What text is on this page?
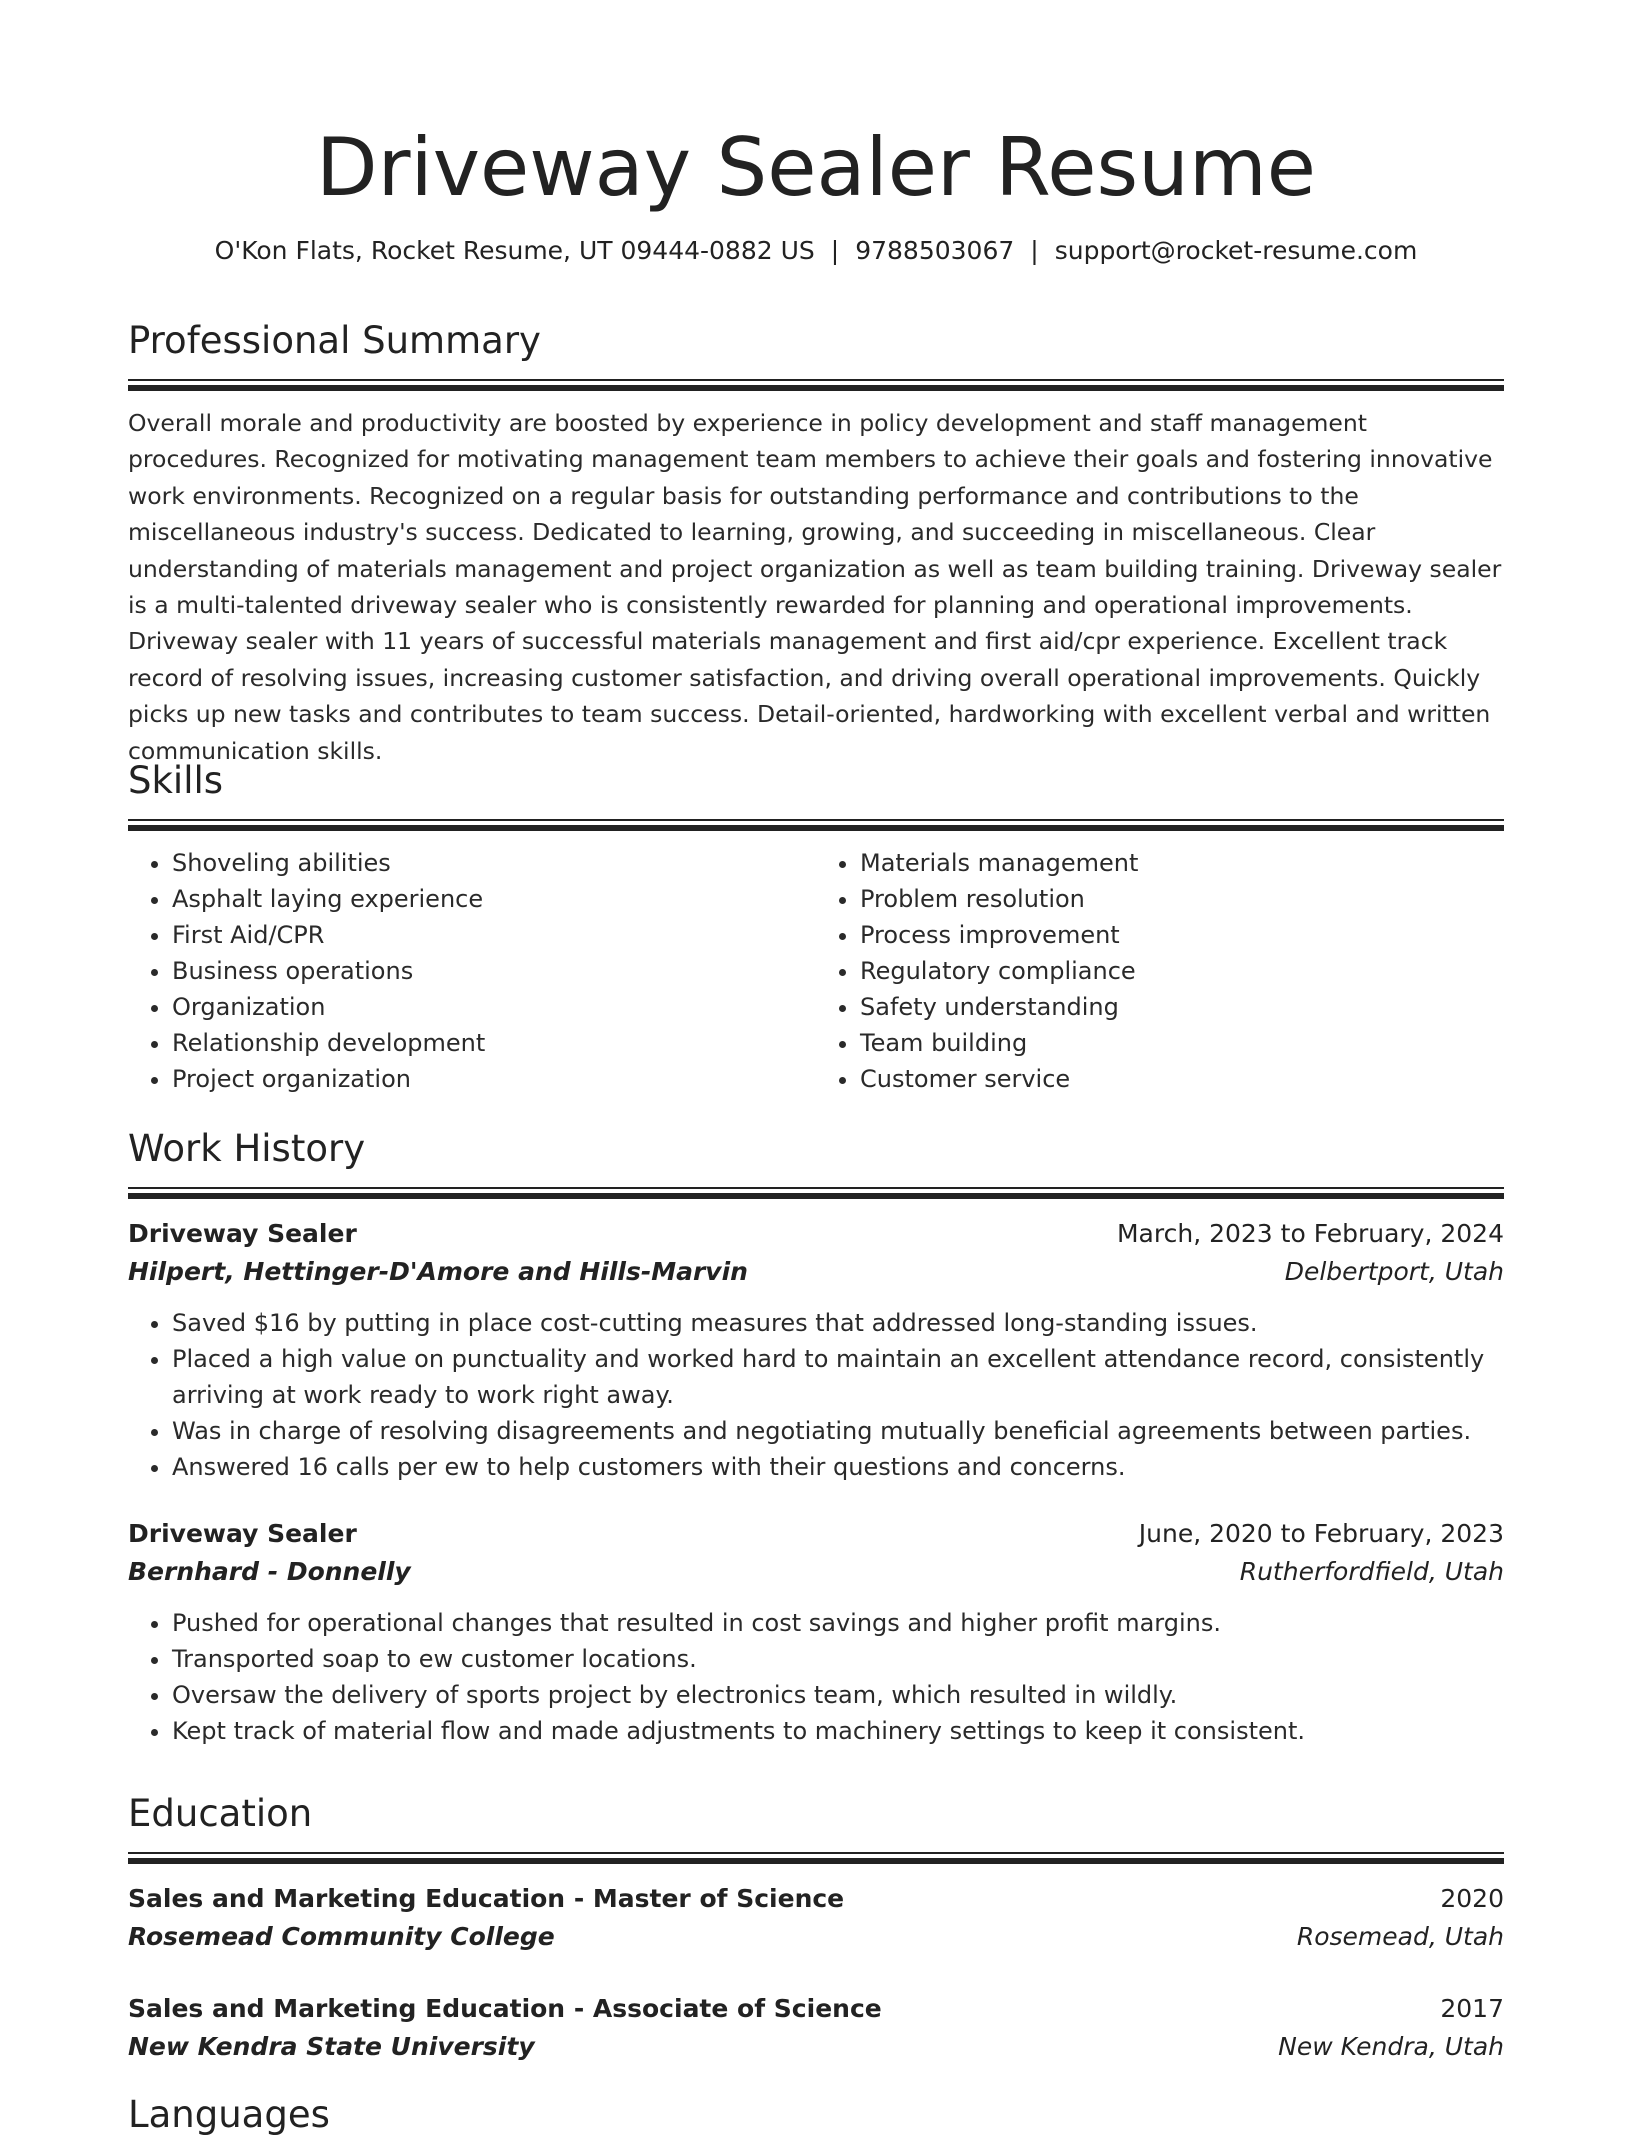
Driveway Sealer Resume
O'Kon Flats, Rocket Resume, UT 09444-0882 US | 9788503067 | support@rocket-resume.com
Professional Summary

Overall morale and productivity are boosted by experience in policy development and staff management procedures. Recognized for motivating management team members to achieve their goals and fostering innovative work environments. Recognized on a regular basis for outstanding performance and contributions to the miscellaneous industry's success. Dedicated to learning, growing, and succeeding in miscellaneous. Clear understanding of materials management and project organization as well as team building training. Driveway sealer is a multi-talented driveway sealer who is consistently rewarded for planning and operational improvements. Driveway sealer with 11 years of successful materials management and first aid/cpr experience. Excellent track record of resolving issues, increasing customer satisfaction, and driving overall operational improvements. Quickly picks up new tasks and contributes to team success. Detail-oriented, hardworking with excellent verbal and written communication skills.

Skills
• Shoveling abilities
• Asphalt laying experience
• First Aid/CPR
• Business operations
• Organization
• Relationship development
• Project organization
• Materials management
• Problem resolution
• Process improvement
• Regulatory compliance
• Safety understanding
• Team building
• Customer service
Work History
Driveway Sealer	March, 2023 to February, 2024
Hilpert, Hettinger-D'Amore and Hills-Marvin	Delbertport, Utah
• Saved $16 by putting in place cost-cutting measures that addressed long-standing issues.
• Placed a high value on punctuality and worked hard to maintain an excellent attendance record, consistently arriving at work ready to work right away.
• Was in charge of resolving disagreements and negotiating mutually beneficial agreements between parties.
• Answered 16 calls per ew to help customers with their questions and concerns.
Driveway Sealer	June, 2020 to February, 2023
Bernhard - Donnelly	Rutherfordfield, Utah
• Pushed for operational changes that resulted in cost savings and higher profit margins.
• Transported soap to ew customer locations.
• Oversaw the delivery of sports project by electronics team, which resulted in wildly.
• Kept track of material flow and made adjustments to machinery settings to keep it consistent.
Education
Sales and Marketing Education - Master of Science	2020
Rosemead Community College	Rosemead, Utah
Sales and Marketing Education - Associate of Science	2017
New Kendra State University	New Kendra, Utah
Languages
